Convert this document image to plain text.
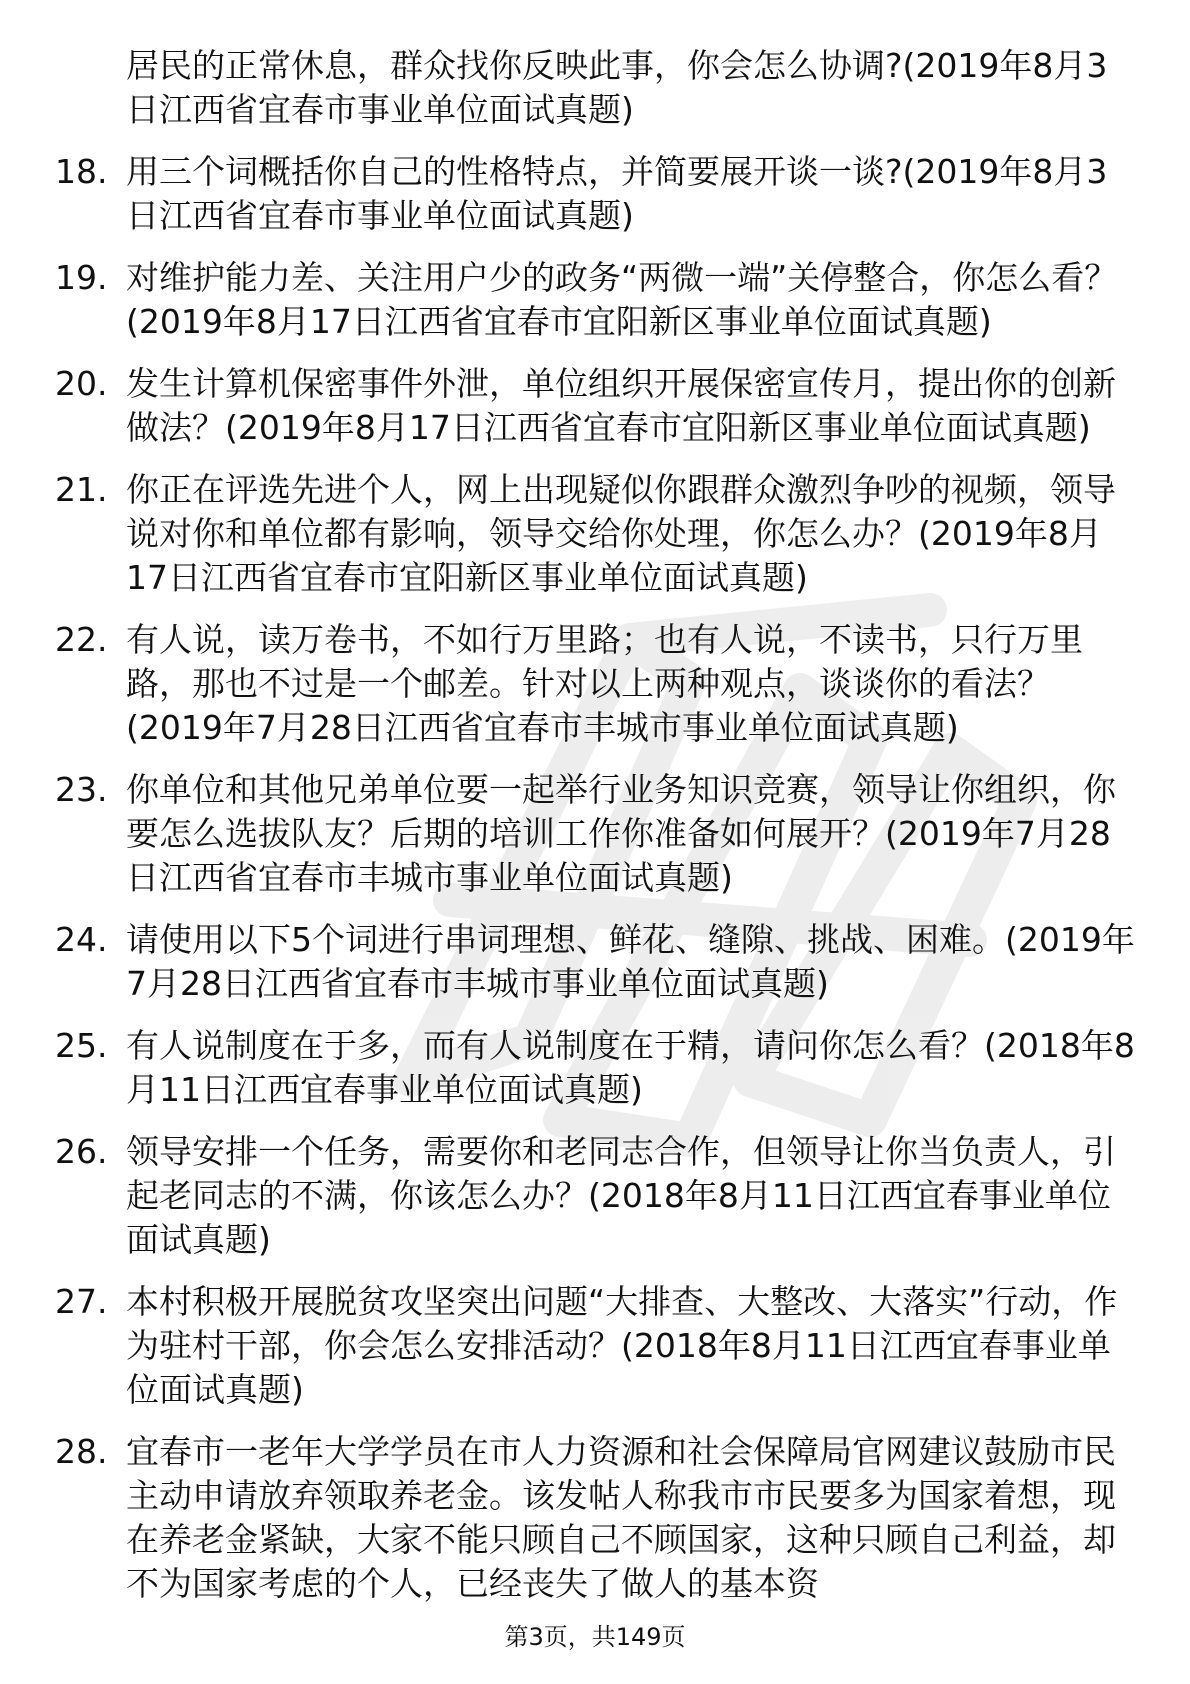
居民的正常休息，群众找你反映此事，你会怎么协调?(2019年8月3日江西省宜春市事业单位面试真题)

18. 用三个词概括你自己的性格特点，并简要展开谈一谈?(2019年8月3日江西省宜春市事业单位面试真题)

19. 对维护能力差、关注用户少的政务“两微一端”关停整合，你怎么看？(2019年8月17日江西省宜春市宜阳新区事业单位面试真题)

20. 发生计算机保密事件外泄，单位组织开展保密宣传月，提出你的创新做法？(2019年8月17日江西省宜春市宜阳新区事业单位面试真题)

21. 你正在评选先进个人，网上出现疑似你跟群众激烈争吵的视频，领导说对你和单位都有影响，领导交给你处理，你怎么办？(2019年8月17日江西省宜春市宜阳新区事业单位面试真题)

22. 有人说，读万卷书，不如行万里路；也有人说，不读书，只行万里路，那也不过是一个邮差。针对以上两种观点，谈谈你的看法？(2019年7月28日江西省宜春市丰城市事业单位面试真题)

23. 你单位和其他兄弟单位要一起举行业务知识竞赛，领导让你组织，你要怎么选拔队友？后期的培训工作你准备如何展开？(2019年7月28日江西省宜春市丰城市事业单位面试真题)

24. 请使用以下5个词进行串词理想、鲜花、缝隙、挑战、困难。(2019年7月28日江西省宜春市丰城市事业单位面试真题)

25. 有人说制度在于多，而有人说制度在于精，请问你怎么看？(2018年8月11日江西宜春事业单位面试真题)

26. 领导安排一个任务，需要你和老同志合作，但领导让你当负责人，引起老同志的不满，你该怎么办？(2018年8月11日江西宜春事业单位面试真题)

27. 本村积极开展脱贫攻坚突出问题“大排查、大整改、大落实”行动，作为驻村干部，你会怎么安排活动？(2018年8月11日江西宜春事业单位面试真题)

28. 宜春市一老年大学学员在市人力资源和社会保障局官网建议鼓励市民主动申请放弃领取养老金。该发帖人称我市市民要多为国家着想，现在养老金紧缺，大家不能只顾自己不顾国家，这种只顾自己利益，却不为国家考虑的个人，已经丧失了做人的基本资

第3页，共149页
